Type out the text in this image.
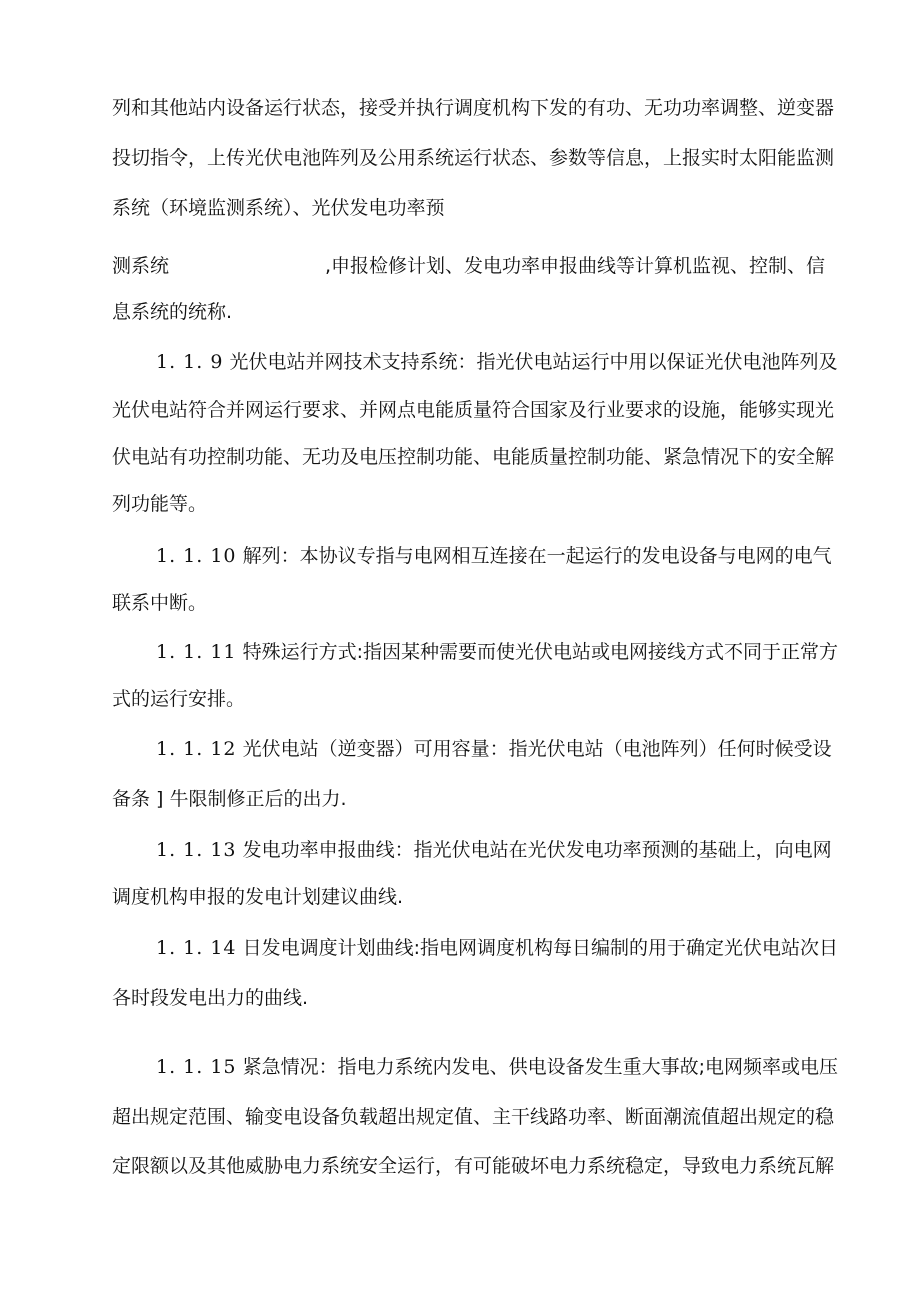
列和其他站内设备运行状态，接受并执行调度机构下发的有功、无功功率调整、逆变器
投切指令，上传光伏电池阵列及公用系统运行状态、参数等信息，上报实时太阳能监测
系统（环境监测系统）、光伏发电功率预
测系统	,申报检修计划、发电功率申报曲线等计算机监视、控制、信
息系统的统称.
1. 1. 9 光伏电站并网技术支持系统：指光伏电站运行中用以保证光伏电池阵列及
光伏电站符合并网运行要求、并网点电能质量符合国家及行业要求的设施，能够实现光
伏电站有功控制功能、无功及电压控制功能、电能质量控制功能、紧急情况下的安全解
列功能等。
1. 1. 10 解列：本协议专指与电网相互连接在一起运行的发电设备与电网的电气
联系中断。
1. 1. 11 特殊运行方式:指因某种需要而使光伏电站或电网接线方式不同于正常方
式的运行安排。
1. 1. 12 光伏电站（逆变器）可用容量：指光伏电站（电池阵列）任何时候受设
备条 ] 牛限制修正后的出力.
1. 1. 13 发电功率申报曲线：指光伏电站在光伏发电功率预测的基础上，向电网
调度机构申报的发电计划建议曲线.
1. 1. 14 日发电调度计划曲线:指电网调度机构每日编制的用于确定光伏电站次日
各时段发电出力的曲线.
1. 1. 15 紧急情况：指电力系统内发电、供电设备发生重大事故;电网频率或电压
超出规定范围、输变电设备负载超出规定值、主干线路功率、断面潮流值超出规定的稳
定限额以及其他威胁电力系统安全运行，有可能破坏电力系统稳定，导致电力系统瓦解
